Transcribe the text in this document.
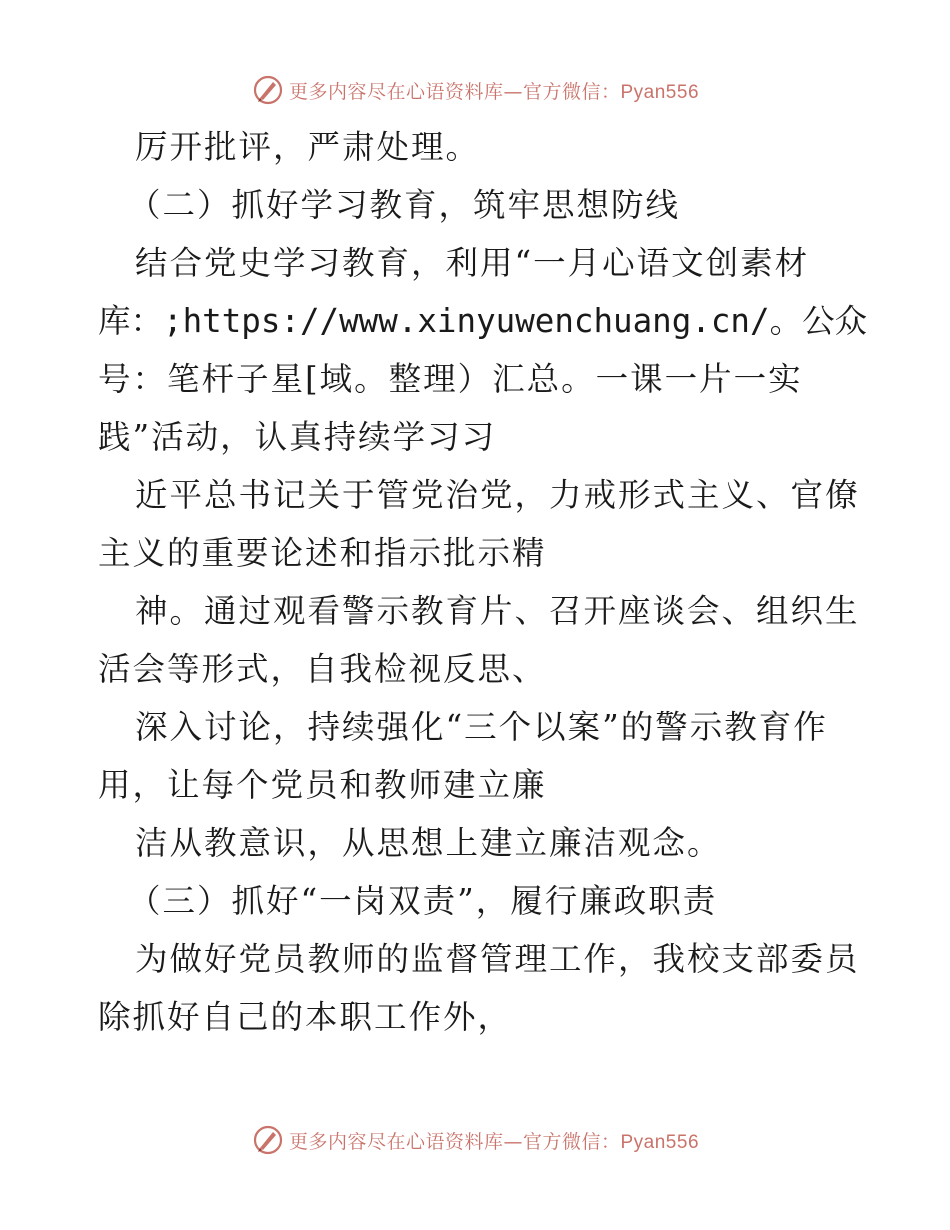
更多内容尽在心语资料库—官方微信：Pyan556
厉开批评，严肃处理。
（二）抓好学习教育，筑牢思想防线
结合党史学习教育，利用“一月心语文创素材
库：;https://www.xinyuwenchuang.cn/。公众
号：笔杆子星[域。整理）汇总。一课一片一实
践”活动，认真持续学习习
近平总书记关于管党治党，力戒形式主义、官僚
主义的重要论述和指示批示精
神。通过观看警示教育片、召开座谈会、组织生
活会等形式，自我检视反思、
深入讨论，持续强化“三个以案”的警示教育作
用，让每个党员和教师建立廉
洁从教意识，从思想上建立廉洁观念。
（三）抓好“一岗双责”，履行廉政职责
为做好党员教师的监督管理工作，我校支部委员
除抓好自己的本职工作外，
更多内容尽在心语资料库—官方微信：Pyan556
